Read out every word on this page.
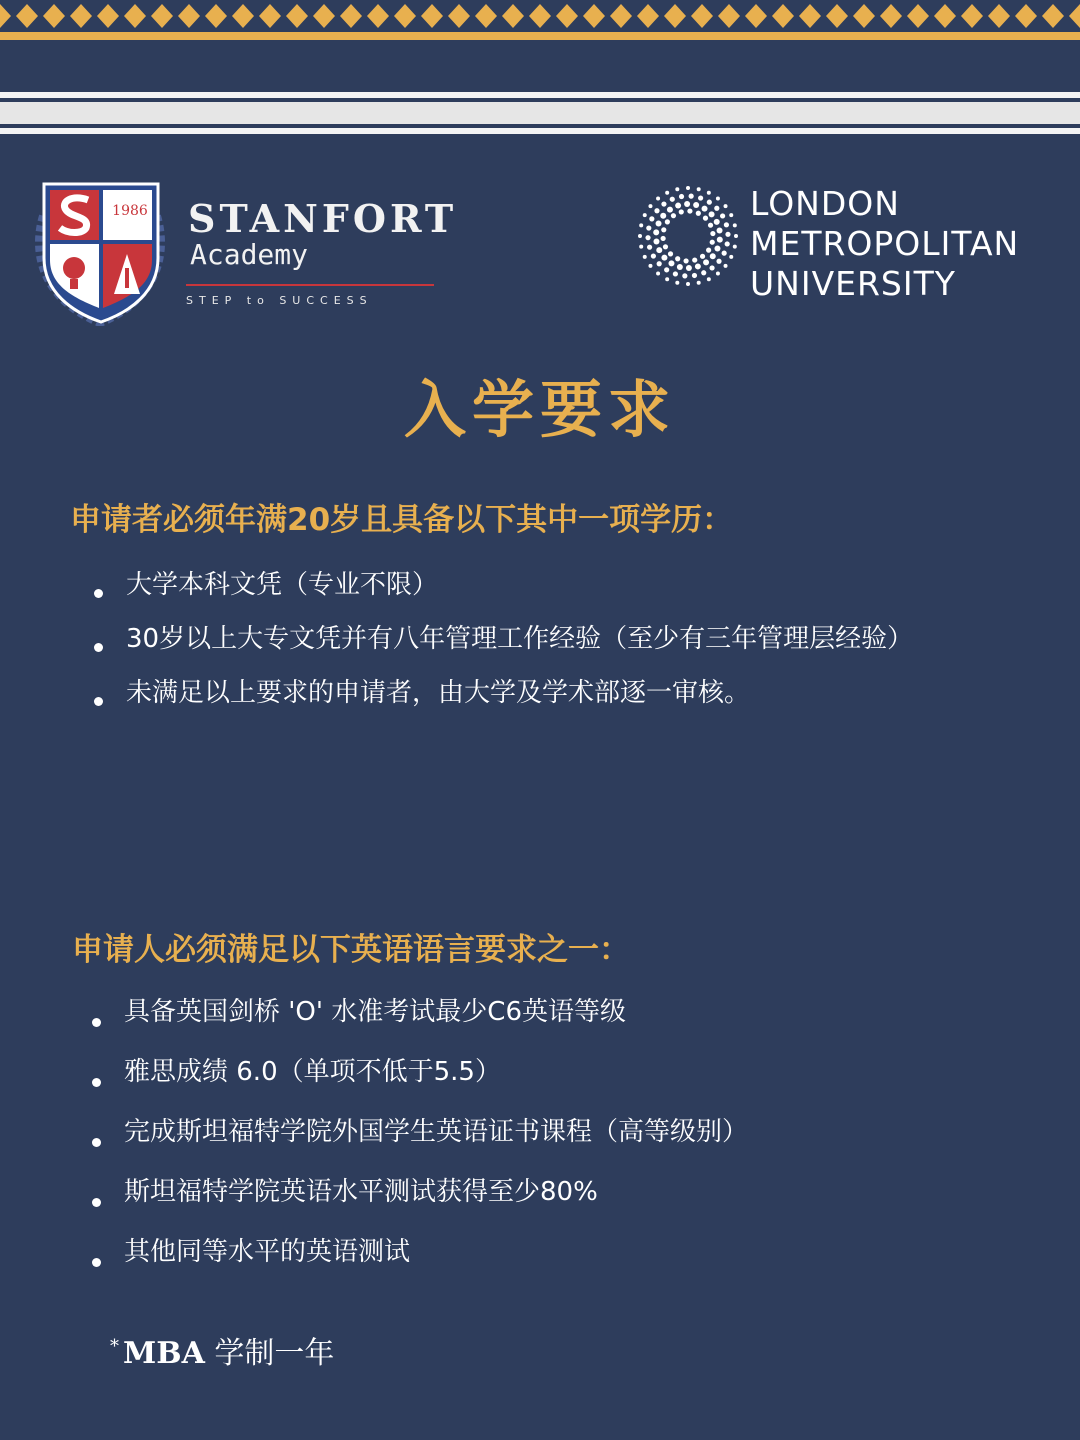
1986 STANFORT
Academy
STEP to SUCCESS
LONDON
METROPOLITAN
UNIVERSITY
入学要求
申请者必须年满20岁且具备以下其中一项学历：
大学本科文凭（专业不限）
30岁以上大专文凭并有八年管理工作经验（至少有三年管理层经验）
未满足以上要求的申请者，由大学及学术部逐一审核。
申请人必须满足以下英语语言要求之一：
具备英国剑桥 'O' 水准考试最少C6英语等级
雅思成绩 6.0（单项不低于5.5）
完成斯坦福特学院外国学生英语证书课程（高等级别）
斯坦福特学院英语水平测试获得至少80%
其他同等水平的英语测试
* MBA 学制一年
